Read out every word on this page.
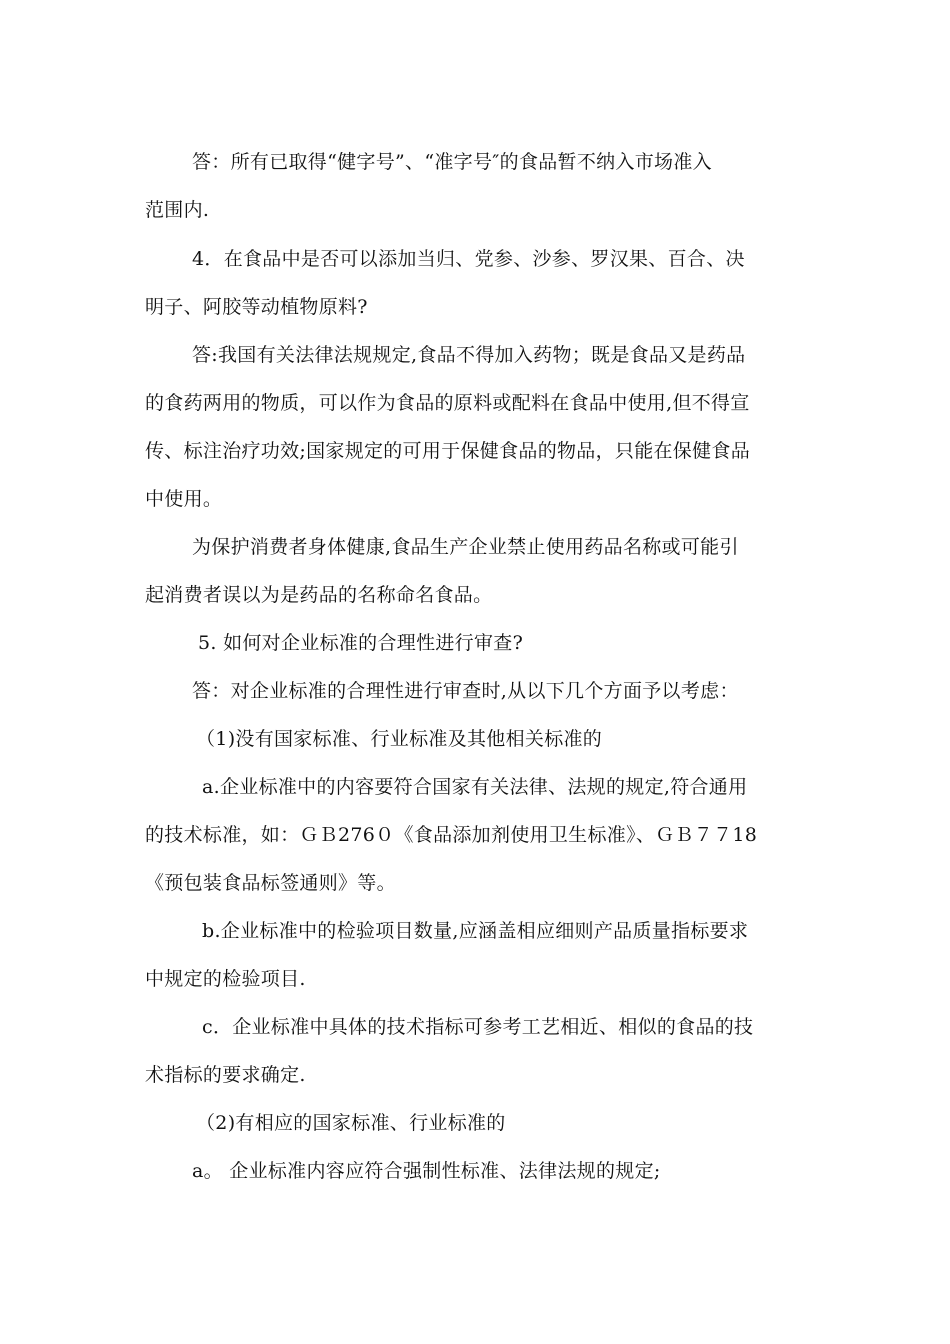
答：所有已取得“健字号”、“准字号″的食品暂不纳入市场准入
范围内.
4．在食品中是否可以添加当归、党参、沙参、罗汉果、百合、决
明子、阿胶等动植物原料?
答:我国有关法律法规规定,食品不得加入药物；既是食品又是药品
的食药两用的物质，可以作为食品的原料或配料在食品中使用,但不得宣
传、标注治疗功效;国家规定的可用于保健食品的物品，只能在保健食品
中使用。
为保护消费者身体健康,食品生产企业禁止使用药品名称或可能引
起消费者误以为是药品的名称命名食品。
5. 如何对企业标准的合理性进行审查?
答：对企业标准的合理性进行审查时,从以下几个方面予以考虑：
（1)没有国家标准、行业标准及其他相关标准的
a.企业标准中的内容要符合国家有关法律、法规的规定,符合通用
的技术标准，如：ＧＢ276０《食品添加剂使用卫生标准》、ＧＢ７７18
《预包装食品标签通则》等。
b.企业标准中的检验项目数量,应涵盖相应细则产品质量指标要求
中规定的检验项目.
c．企业标准中具体的技术指标可参考工艺相近、相似的食品的技
术指标的要求确定.
（2)有相应的国家标准、行业标准的
a。 企业标准内容应符合强制性标准、法律法规的规定;
